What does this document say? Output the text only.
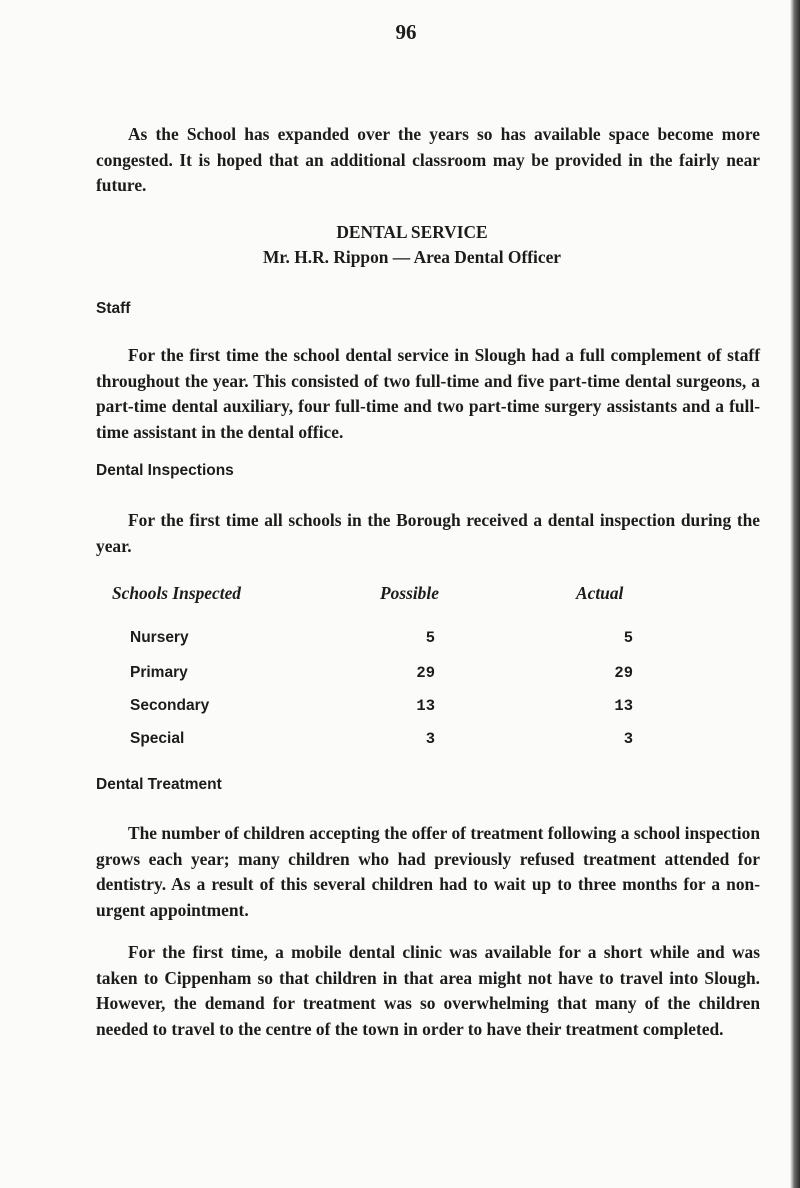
96

As the School has expanded over the years so has available space become more congested. It is hoped that an additional classroom may be provided in the fairly near future.

DENTAL SERVICE
Mr. H.R. Rippon — Area Dental Officer
Staff

For the first time the school dental service in Slough had a full complement of staff throughout the year. This consisted of two full-time and five part-time dental surgeons, a part-time dental auxiliary, four full-time and two part-time surgery assistants and a full-time assistant in the dental office.

Dental Inspections

For the first time all schools in the Borough received a dental inspection during the year.

Schools Inspected	Possible	Actual
Nursery	5	5
Primary	29	29
Secondary	13	13
Special	3	3
Dental Treatment

The number of children accepting the offer of treatment following a school inspection grows each year; many children who had previously refused treatment attended for dentistry. As a result of this several children had to wait up to three months for a non-urgent appointment.

For the first time, a mobile dental clinic was available for a short while and was taken to Cippenham so that children in that area might not have to travel into Slough. However, the demand for treatment was so overwhelming that many of the children needed to travel to the centre of the town in order to have their treatment completed.
